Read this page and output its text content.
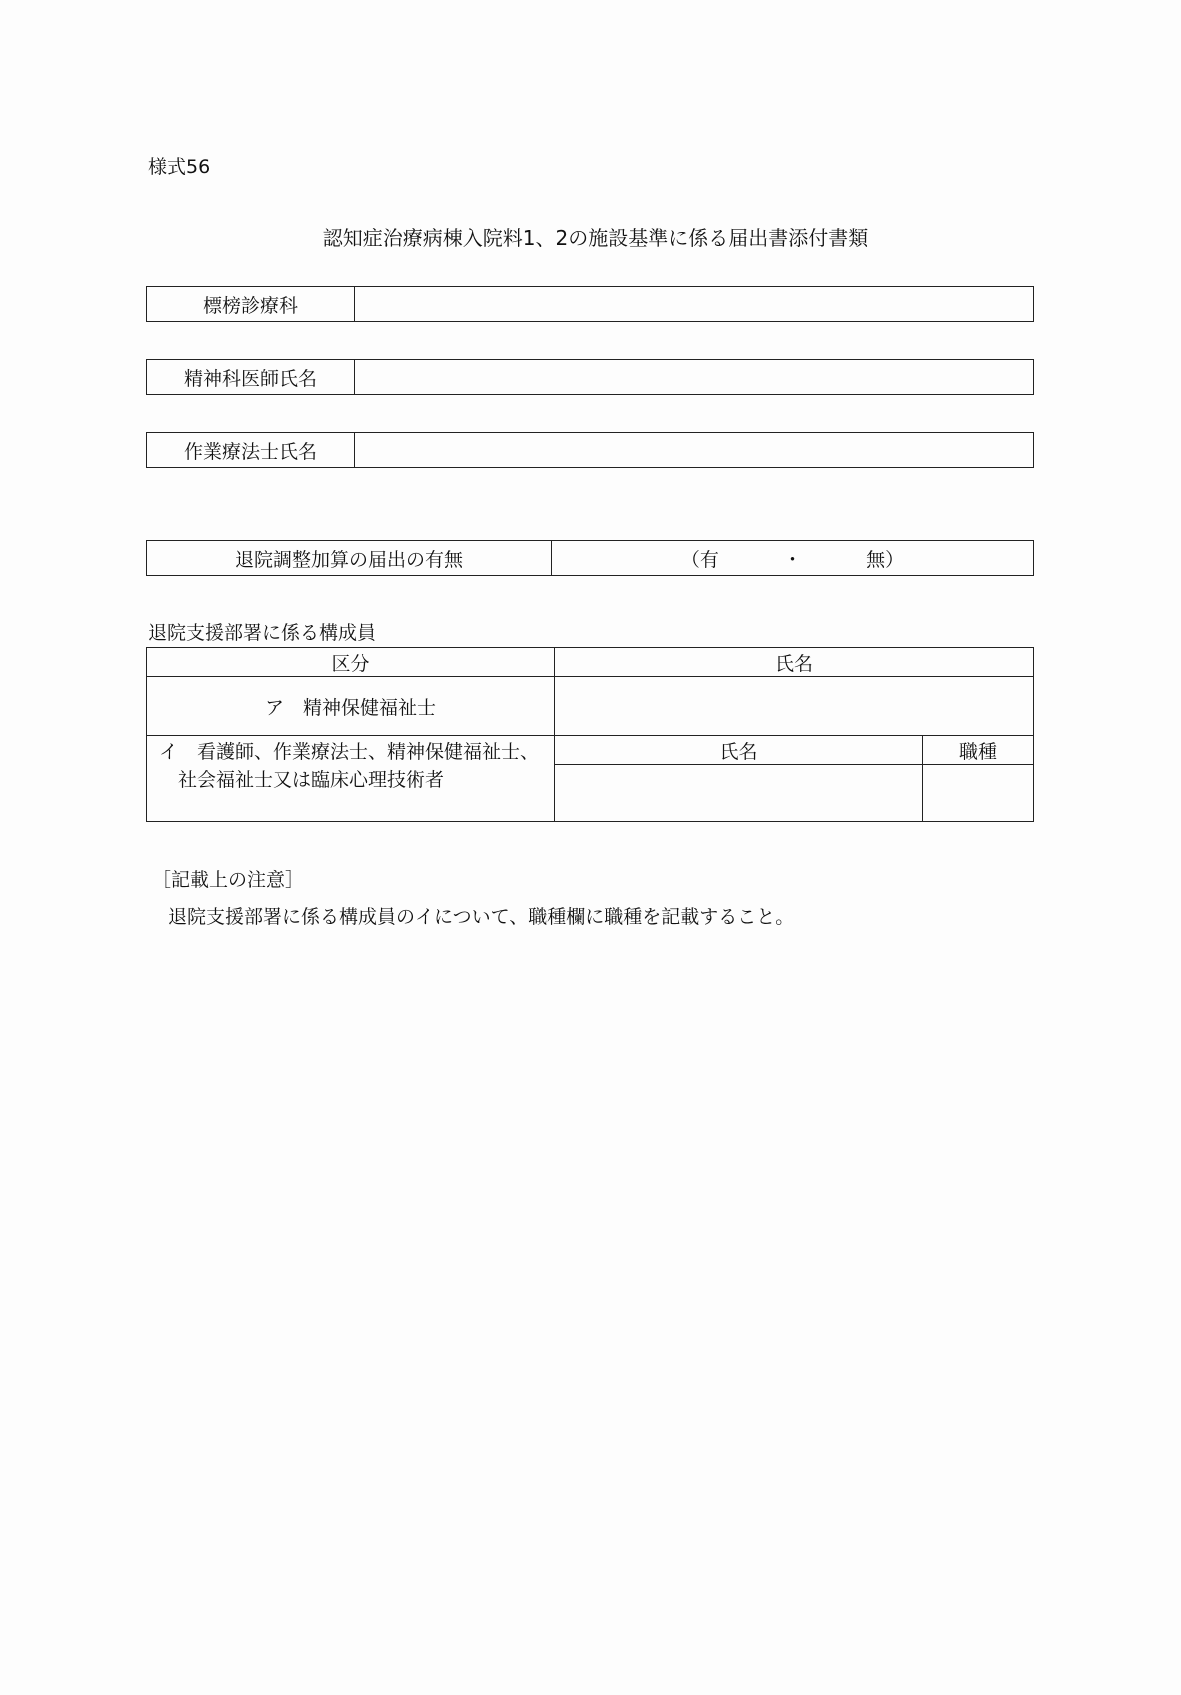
様式56
認知症治療病棟入院料1、2の施設基準に係る届出書添付書類
標榜診療科	
精神科医師氏名	
作業療法士氏名	
退院調整加算の届出の有無	（有	・	無）
退院支援部署に係る構成員
区分	氏名	
ア　精神保健福祉士		

イ　看護師、作業療法士、精神保健福祉士、
　社会福祉士又は臨床心理技術者	氏名	職種

［記載上の注意］
退院支援部署に係る構成員のイについて、職種欄に職種を記載すること。
